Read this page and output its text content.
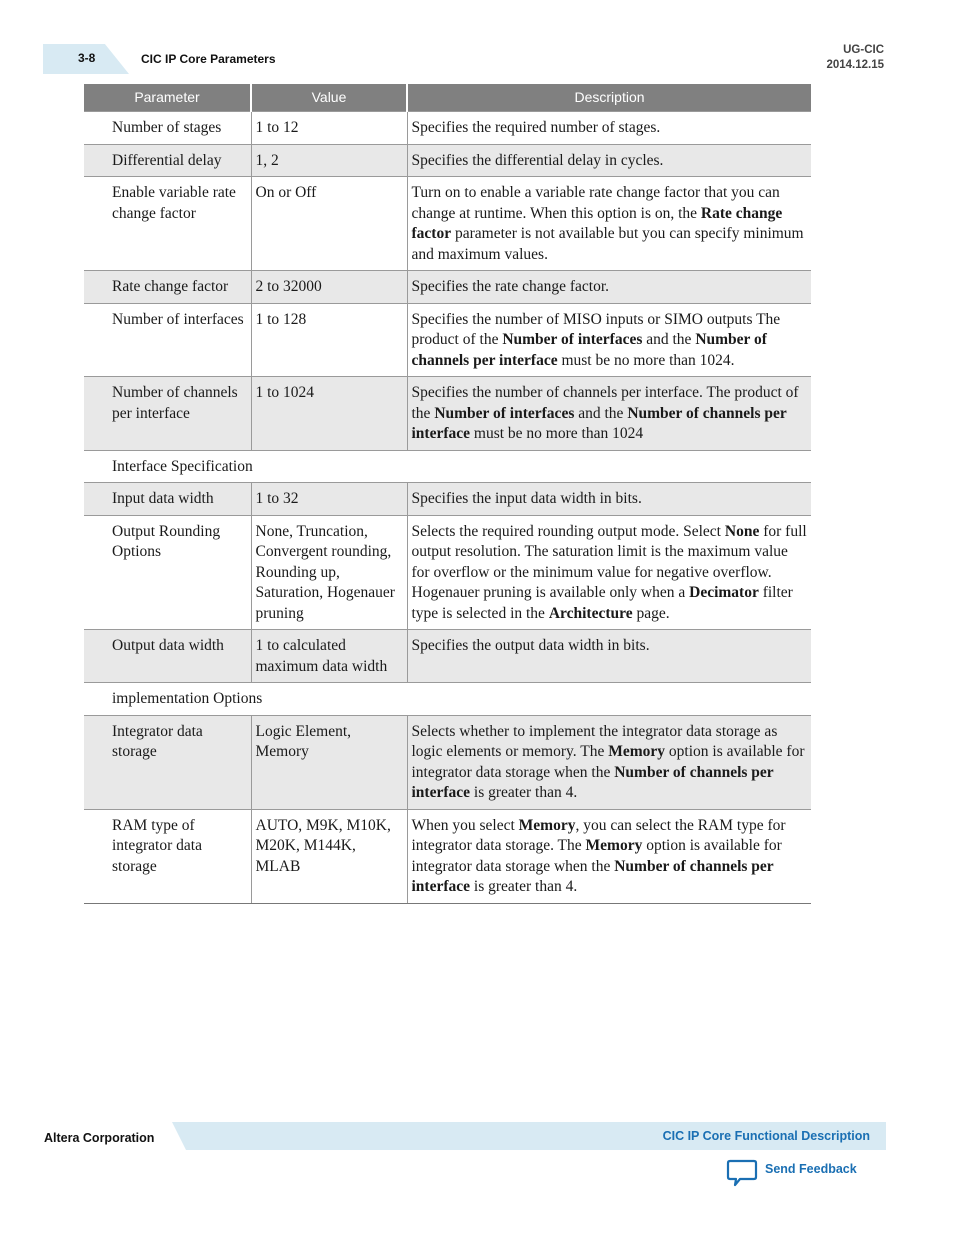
3-8	CIC IP Core Parameters
UG-CIC
2014.12.15
Parameter	Value	Description
Number of stages	1 to 12	Specifies the required number of stages.
Differential delay	1, 2	Specifies the differential delay in cycles.
Enable variable rate change factor	On or Off	Turn on to enable a variable rate change factor that you can change at runtime. When this option is on, the Rate change factor parameter is not available but you can specify minimum and maximum values.
Rate change factor	2 to 32000	Specifies the rate change factor.
Number of interfaces	1 to 128	Specifies the number of MISO inputs or SIMO outputs The product of the Number of interfaces and the Number of channels per interface must be no more than 1024.
Number of channels per interface	1 to 1024	Specifies the number of channels per interface. The product of the Number of interfaces and the Number of channels per interface must be no more than 1024
Interface Specification		
Input data width	1 to 32	Specifies the input data width in bits.
Output Rounding Options	None, Truncation, Convergent rounding, Rounding up, Saturation, Hogenauer pruning	Selects the required rounding output mode. Select None for full output resolution. The saturation limit is the maximum value for overflow or the minimum value for negative overflow. Hogenauer pruning is available only when a Decimator filter type is selected in the Architecture page.
Output data width	1 to calculated maximum data width	Specifies the output data width in bits.
implementation Options		
Integrator data storage	Logic Element, Memory	Selects whether to implement the integrator data storage as logic elements or memory. The Memory option is available for integrator data storage when the Number of channels per interface is greater than 4.
RAM type of integrator data storage	AUTO, M9K, M10K, M20K, M144K, MLAB	When you select Memory, you can select the RAM type for integrator data storage. The Memory option is available for integrator data storage when the Number of channels per interface is greater than 4.
Altera Corporation	CIC IP Core Functional Description
Send Feedback
